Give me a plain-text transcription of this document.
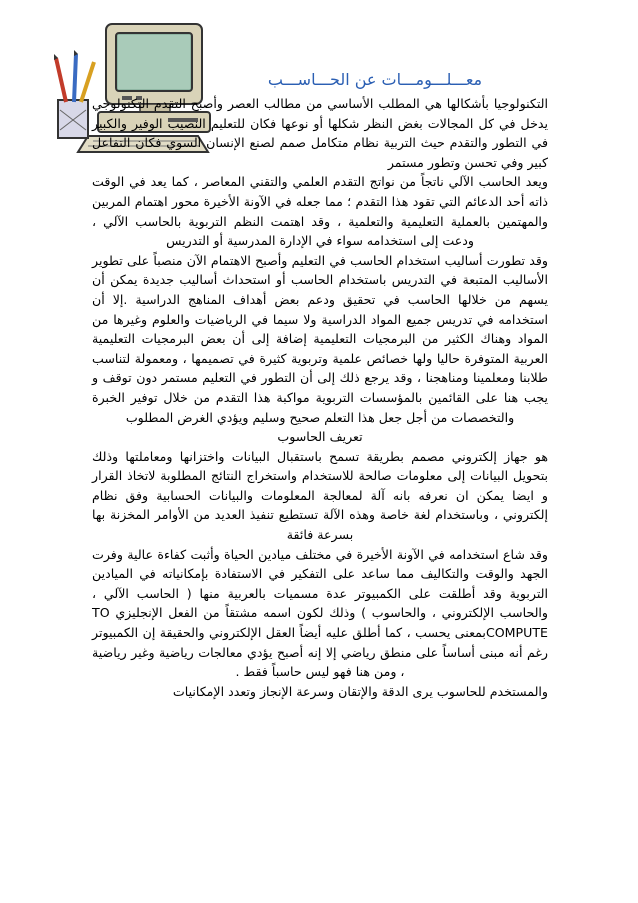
معـــلـــومـــات عن الحـــاســـب

التكنولوجيا بأشكالها هي المطلب الأساسي من مطالب العصر وأصبح التقدم التكنولوجي يدخل في كل المجالات بغض النظر شكلها أو نوعها فكان للتعليم النصيب الوفير والكبير في التطور والتقدم حيث التربية نظام متكامل صمم لصنع الإنسان السوي فكان التفاعل كبير وفي تحسن وتطور مستمر

ويعد الحاسب الآلي ناتجاً من نواتج التقدم العلمي والتقني المعاصر ، كما يعد في الوقت ذاته أحد الدعائم التي تقود هذا التقدم ؛ مما جعله في الآونة الأخيرة محور اهتمام المربين والمهتمين بالعملية التعليمية والتعلمية ، وقد اهتمت النظم التربوية بالحاسب الآلي ، ودعت إلى استخدامه سواء في الإدارة المدرسية أو التدريس

وقد تطورت أساليب استخدام الحاسب في التعليم وأصبح الاهتمام الآن منصباً على تطوير الأساليب المتبعة في التدريس باستخدام الحاسب أو استحداث أساليب جديدة يمكن أن يسهم من خلالها الحاسب في تحقيق ودعم بعض أهداف المناهج الدراسية .إلا أن استخدامه في تدريس جميع المواد الدراسية ولا سيما في الرياضيات والعلوم وغيرها من المواد وهناك الكثير من البرمجيات التعليمية إضافة إلى أن بعض البرمجيات التعليمية العربية المتوفرة حاليا ولها خصائص علمية وتربوية كثيرة في تصميمها ، ومعمولة لتناسب طلابنا ومعلمينا ومناهجنا ، وقد يرجع ذلك إلى أن التطور في التعليم مستمر دون توقف و يجب هنا على القائمين بالمؤسسات التربوية مواكبة هذا التقدم من خلال توفير الخبرة والتخصصات من أجل جعل هذا التعلم صحيح وسليم ويؤدي الغرض المطلوب

تعريف الحاسوب

هو جهاز إلكتروني مصمم بطريقة تسمح باستقبال البيانات واختزانها ومعاملتها وذلك بتحويل البيانات إلى معلومات صالحة للاستخدام واستخراج النتائج المطلوبة لاتخاذ القرار و ايضا يمكن ان نعرفه بانه آلة لمعالجة المعلومات والبيانات الحسابية وفق نظام إلكتروني ، وباستخدام لغة خاصة وهذه الآلة تستطيع تنفيذ العديد من الأوامر المخزنة بها بسرعة فائقة

وقد شاع استخدامه في الآونة الأخيرة في مختلف ميادين الحياة وأثبت كفاءة عالية وفرت الجهد والوقت والتكاليف مما ساعد على التفكير في الاستفادة بإمكانياته في الميادين التربوية وقد أطلقت على الكمبيوتر عدة مسميات بالعربية منها ( الحاسب الآلي ، والحاسب الإلكتروني ، والحاسوب ) وذلك لكون اسمه مشتقاً من الفعل الإنجليزي TO COMPUTEبمعنى يحسب ، كما أطلق عليه أيضاً العقل الإلكتروني والحقيقة إن الكمبيوتر رغم أنه مبنى أساساً على منطق رياضي إلا إنه أصبح يؤدي معالجات رياضية وغير رياضية ، ومن هنا فهو ليس حاسباً فقط .

والمستخدم للحاسوب يرى الدقة والإتقان وسرعة الإنجاز وتعدد الإمكانيات
